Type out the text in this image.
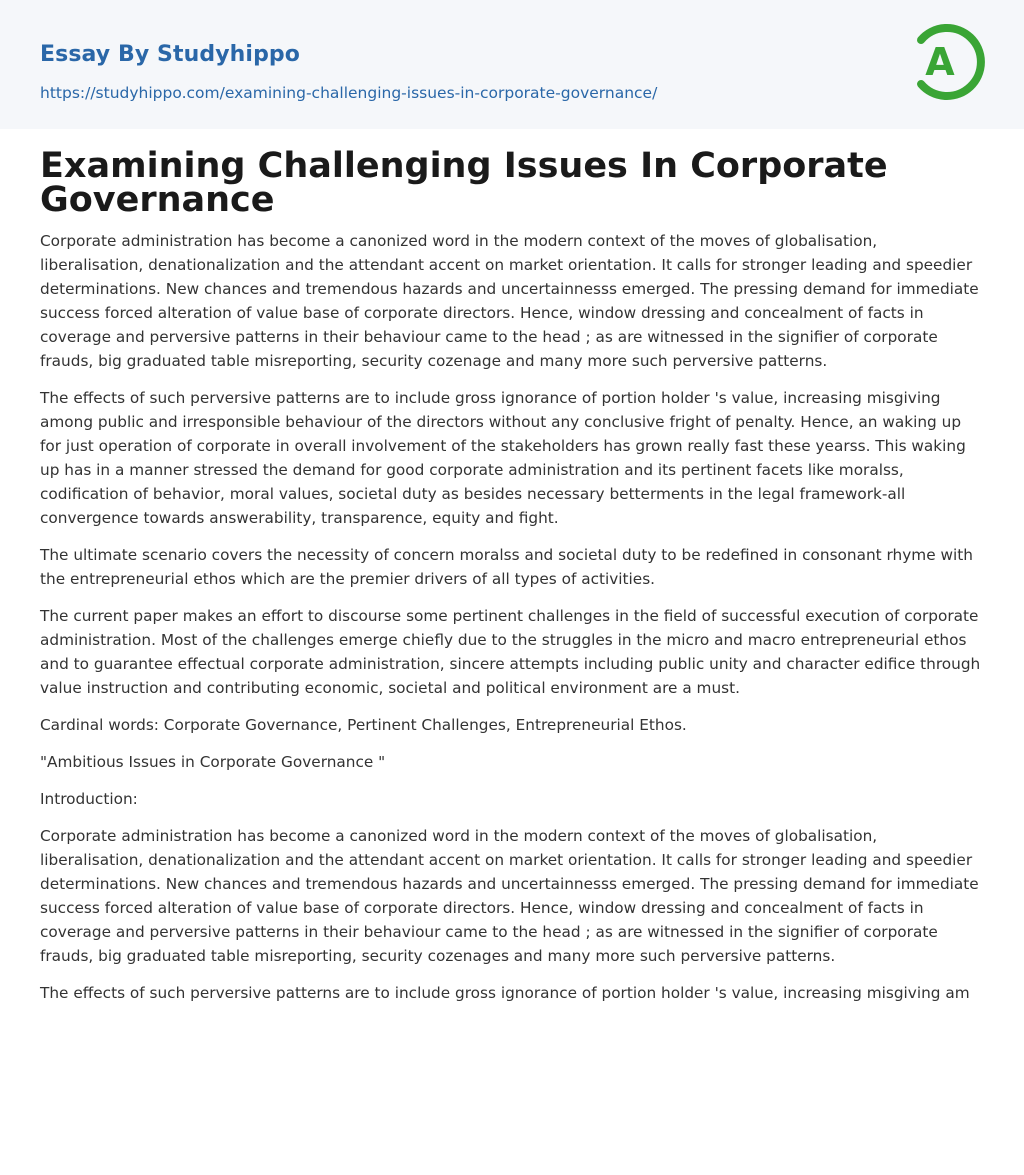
Essay By Studyhippo
https://studyhippo.com/examining-challenging-issues-in-corporate-governance/
A
Examining Challenging Issues In Corporate Governance

Corporate administration has become a canonized word in the modern context of the moves of globalisation, liberalisation, denationalization and the attendant accent on market orientation. It calls for stronger leading and speedier determinations. New chances and tremendous hazards and uncertainnesss emerged. The pressing demand for immediate success forced alteration of value base of corporate directors. Hence, window dressing and concealment of facts in coverage and perversive patterns in their behaviour came to the head ; as are witnessed in the signifier of corporate frauds, big graduated table misreporting, security cozenage and many more such perversive patterns.

The effects of such perversive patterns are to include gross ignorance of portion holder 's value, increasing misgiving among public and irresponsible behaviour of the directors without any conclusive fright of penalty. Hence, an waking up for just operation of corporate in overall involvement of the stakeholders has grown really fast these yearss. This waking up has in a manner stressed the demand for good corporate administration and its pertinent facets like moralss, codification of behavior, moral values, societal duty as besides necessary betterments in the legal framework-all convergence towards answerability, transparence, equity and fight.

The ultimate scenario covers the necessity of concern moralss and societal duty to be redefined in consonant rhyme with the entrepreneurial ethos which are the premier drivers of all types of activities.

The current paper makes an effort to discourse some pertinent challenges in the field of successful execution of corporate administration. Most of the challenges emerge chiefly due to the struggles in the micro and macro entrepreneurial ethos and to guarantee effectual corporate administration, sincere attempts including public unity and character edifice through value instruction and contributing economic, societal and political environment are a must.

Cardinal words: Corporate Governance, Pertinent Challenges, Entrepreneurial Ethos.

"Ambitious Issues in Corporate Governance "

Introduction:

Corporate administration has become a canonized word in the modern context of the moves of globalisation, liberalisation, denationalization and the attendant accent on market orientation. It calls for stronger leading and speedier determinations. New chances and tremendous hazards and uncertainnesss emerged. The pressing demand for immediate success forced alteration of value base of corporate directors. Hence, window dressing and concealment of facts in coverage and perversive patterns in their behaviour came to the head ; as are witnessed in the signifier of corporate frauds, big graduated table misreporting, security cozenages and many more such perversive patterns.

The effects of such perversive patterns are to include gross ignorance of portion holder 's value, increasing misgiving am
